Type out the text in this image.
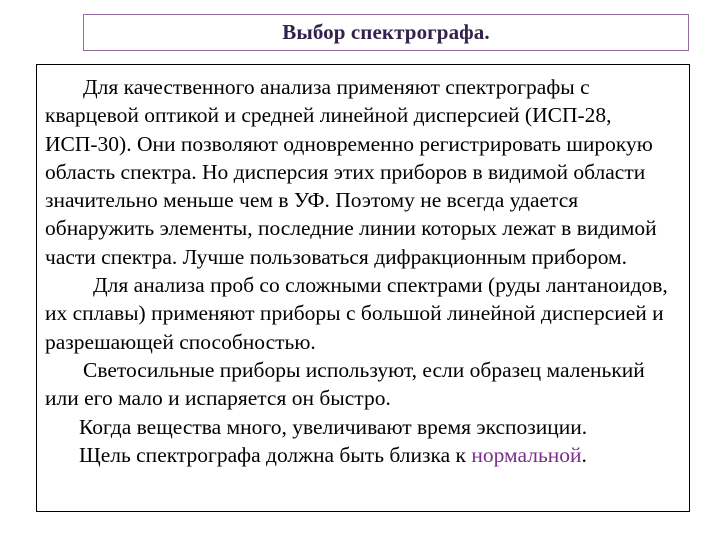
Выбор спектрографа.

Для качественного анализа применяют спектрографы с кварцевой оптикой и средней линейной дисперсией (ИСП-28, ИСП-30). Они позволяют одновременно регистрировать широкую область спектра. Но дисперсия этих приборов в видимой области значительно меньше чем в УФ. Поэтому не всегда удается обнаружить элементы, последние линии которых лежат в видимой части спектра. Лучше пользоваться дифракционным прибором.

Для анализа проб со сложными спектрами (руды лантаноидов, их сплавы) применяют приборы с большой линейной дисперсией и разрешающей способностью.

Светосильные приборы используют, если образец маленький или его мало и испаряется он быстро.

Когда вещества много, увеличивают время экспозиции.

Щель спектрографа должна быть близка к нормальной.
